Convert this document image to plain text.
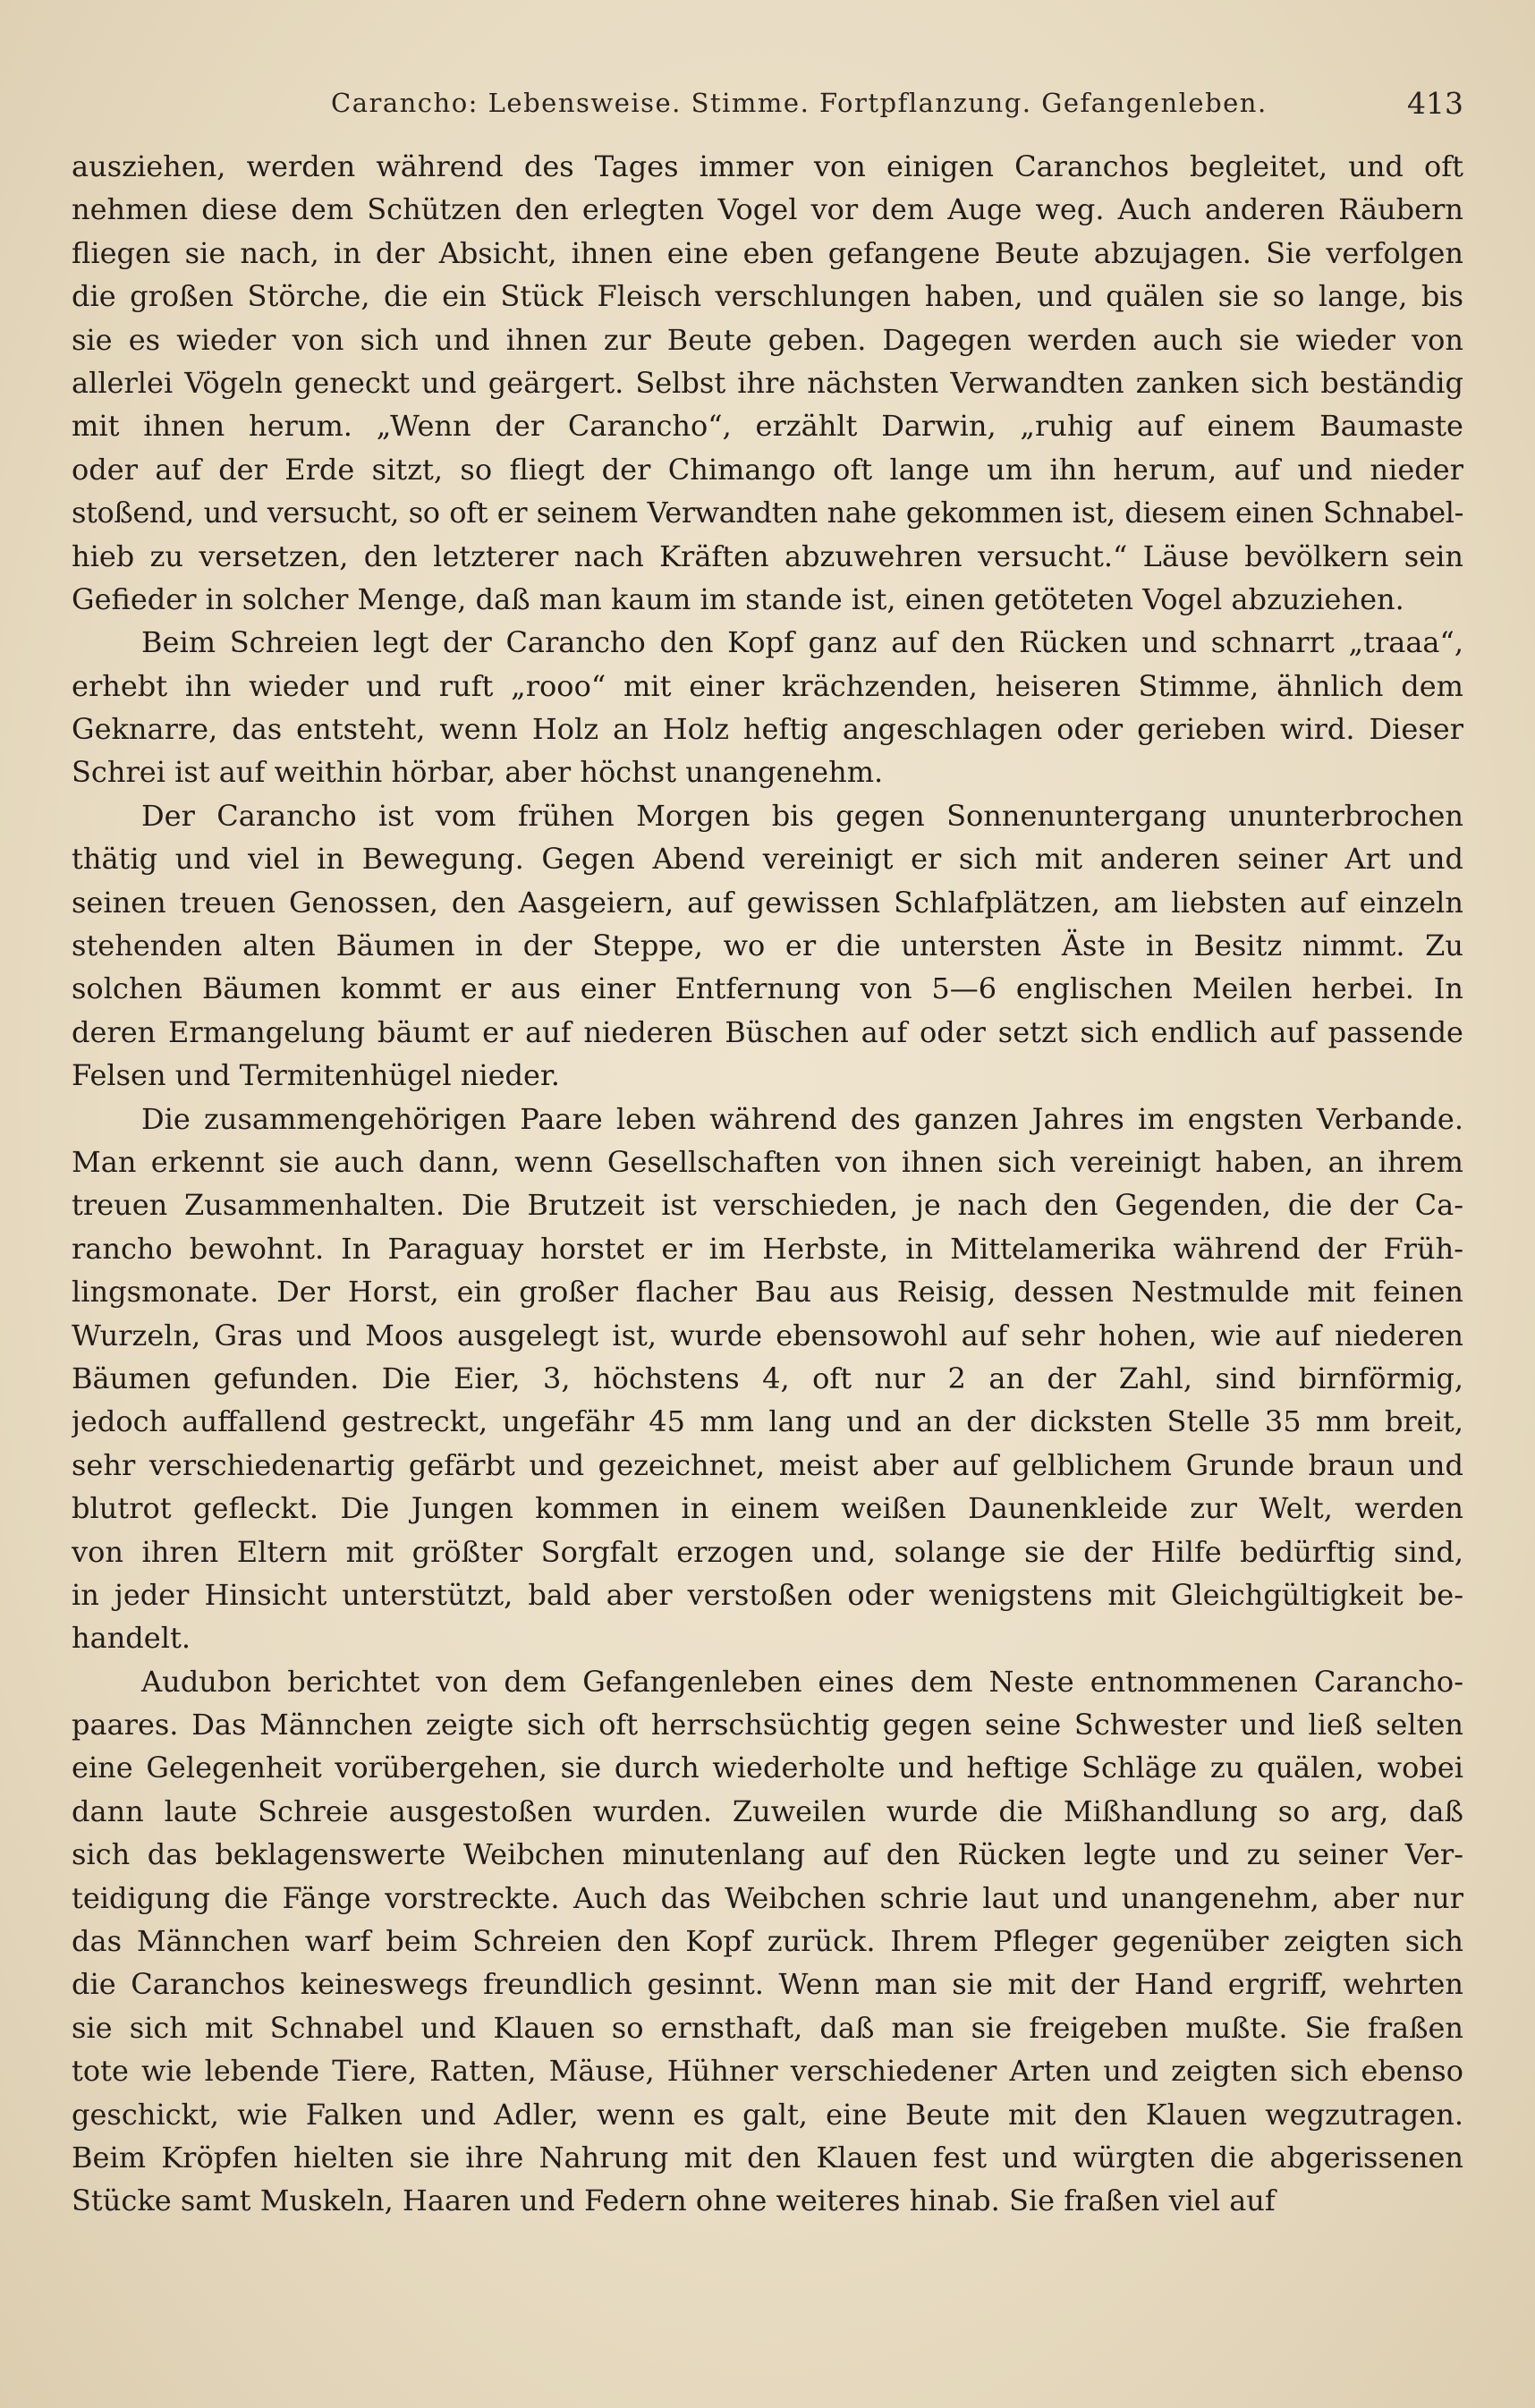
Carancho: Lebensweise. Stimme. Fortpflanzung. Gefangenleben.	413
ausziehen, werden während des Tages immer von einigen Caranchos begleitet, und oft
nehmen diese dem Schützen den erlegten Vogel vor dem Auge weg. Auch anderen Räubern
fliegen sie nach, in der Absicht, ihnen eine eben gefangene Beute abzujagen. Sie verfolgen
die großen Störche, die ein Stück Fleisch verschlungen haben, und quälen sie so lange, bis
sie es wieder von sich und ihnen zur Beute geben. Dagegen werden auch sie wieder von
allerlei Vögeln geneckt und geärgert. Selbst ihre nächsten Verwandten zanken sich beständig
mit ihnen herum. „Wenn der Carancho“, erzählt Darwin, „ruhig auf einem Baumaste
oder auf der Erde sitzt, so fliegt der Chimango oft lange um ihn herum, auf und nieder
stoßend, und versucht, so oft er seinem Verwandten nahe gekommen ist, diesem einen Schnabel-
hieb zu versetzen, den letzterer nach Kräften abzuwehren versucht.“ Läuse bevölkern sein
Gefieder in solcher Menge, daß man kaum im stande ist, einen getöteten Vogel abzuziehen.
Beim Schreien legt der Carancho den Kopf ganz auf den Rücken und schnarrt „traaa“,
erhebt ihn wieder und ruft „rooo“ mit einer krächzenden, heiseren Stimme, ähnlich dem
Geknarre, das entsteht, wenn Holz an Holz heftig angeschlagen oder gerieben wird. Dieser
Schrei ist auf weithin hörbar, aber höchst unangenehm.
Der Carancho ist vom frühen Morgen bis gegen Sonnenuntergang ununterbrochen
thätig und viel in Bewegung. Gegen Abend vereinigt er sich mit anderen seiner Art und
seinen treuen Genossen, den Aasgeiern, auf gewissen Schlafplätzen, am liebsten auf einzeln
stehenden alten Bäumen in der Steppe, wo er die untersten Äste in Besitz nimmt. Zu
solchen Bäumen kommt er aus einer Entfernung von 5—6 englischen Meilen herbei. In
deren Ermangelung bäumt er auf niederen Büschen auf oder setzt sich endlich auf passende
Felsen und Termitenhügel nieder.
Die zusammengehörigen Paare leben während des ganzen Jahres im engsten Verbande.
Man erkennt sie auch dann, wenn Gesellschaften von ihnen sich vereinigt haben, an ihrem
treuen Zusammenhalten. Die Brutzeit ist verschieden, je nach den Gegenden, die der Ca-
rancho bewohnt. In Paraguay horstet er im Herbste, in Mittelamerika während der Früh-
lingsmonate. Der Horst, ein großer flacher Bau aus Reisig, dessen Nestmulde mit feinen
Wurzeln, Gras und Moos ausgelegt ist, wurde ebensowohl auf sehr hohen, wie auf niederen
Bäumen gefunden. Die Eier, 3, höchstens 4, oft nur 2 an der Zahl, sind birnförmig,
jedoch auffallend gestreckt, ungefähr 45 mm lang und an der dicksten Stelle 35 mm breit,
sehr verschiedenartig gefärbt und gezeichnet, meist aber auf gelblichem Grunde braun und
blutrot gefleckt. Die Jungen kommen in einem weißen Daunenkleide zur Welt, werden
von ihren Eltern mit größter Sorgfalt erzogen und, solange sie der Hilfe bedürftig sind,
in jeder Hinsicht unterstützt, bald aber verstoßen oder wenigstens mit Gleichgültigkeit be-
handelt.
Audubon berichtet von dem Gefangenleben eines dem Neste entnommenen Carancho-
paares. Das Männchen zeigte sich oft herrschsüchtig gegen seine Schwester und ließ selten
eine Gelegenheit vorübergehen, sie durch wiederholte und heftige Schläge zu quälen, wobei
dann laute Schreie ausgestoßen wurden. Zuweilen wurde die Mißhandlung so arg, daß
sich das beklagenswerte Weibchen minutenlang auf den Rücken legte und zu seiner Ver-
teidigung die Fänge vorstreckte. Auch das Weibchen schrie laut und unangenehm, aber nur
das Männchen warf beim Schreien den Kopf zurück. Ihrem Pfleger gegenüber zeigten sich
die Caranchos keineswegs freundlich gesinnt. Wenn man sie mit der Hand ergriff, wehrten
sie sich mit Schnabel und Klauen so ernsthaft, daß man sie freigeben mußte. Sie fraßen
tote wie lebende Tiere, Ratten, Mäuse, Hühner verschiedener Arten und zeigten sich ebenso
geschickt, wie Falken und Adler, wenn es galt, eine Beute mit den Klauen wegzutragen.
Beim Kröpfen hielten sie ihre Nahrung mit den Klauen fest und würgten die abgerissenen
Stücke samt Muskeln, Haaren und Federn ohne weiteres hinab. Sie fraßen viel auf
